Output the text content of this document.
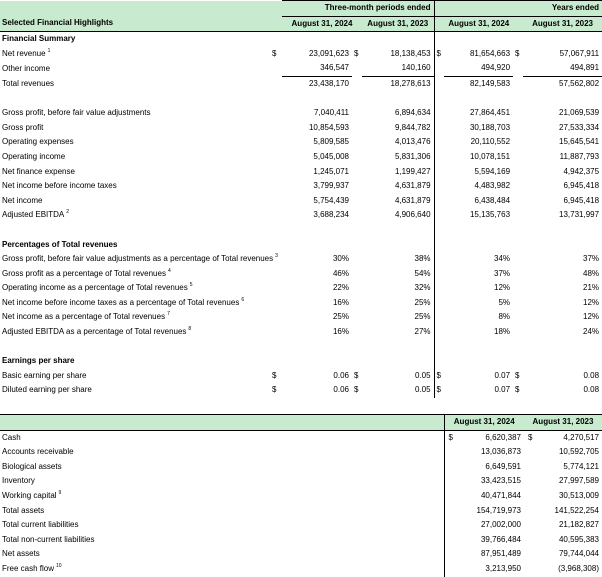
		Three-month periods ended			Years ended			
Selected Financial Highlights		August 31, 2024		August 31, 2023	August 31, 2024			August 31, 2023
Financial Summary								
Net revenue $^1$	$	23,091,623	$	18,138,453	$	81,654,663	$	57,067,911
Other income		346,547		140,160		494,920		494,891
Total revenues		23,438,170		18,278,613		82,149,583		57,562,802

Gross profit, before fair value adjustments		7,040,411		6,894,634		27,864,451		21,069,539
Gross profit		10,854,593		9,844,782		30,188,703		27,533,334
Operating expenses		5,809,585		4,013,476		20,110,552		15,645,541
Operating income		5,045,008		5,831,306		10,078,151		11,887,793
Net finance expense		1,245,071		1,199,427		5,594,169		4,942,375
Net income before income taxes		3,799,937		4,631,879		4,483,982		6,945,418
Net income		5,754,439		4,631,879		6,438,484		6,945,418
Adjusted EBITDA $^2$		3,688,234		4,906,640		15,135,763		13,731,997

Percentages of Total revenues								
Gross profit, before fair value adjustments as a percentage of Total revenues $^3$		30%		38%		34%		37%
Gross profit as a percentage of Total revenues $^4$		46%		54%		37%		48%
Operating income as a percentage of Total revenues $^5$		22%		32%		12%		21%
Net income before income taxes as a percentage of Total revenues $^6$		16%		25%		5%		12%
Net income as a percentage of Total revenues $^7$		25%		25%		8%		12%
Adjusted EBITDA as a percentage of Total revenues $^8$		16%		27%		18%		24%

Earnings per share								
Basic earning per share	$	0.06	$	0.05	$	0.07	$	0.08
Diluted earning per share	$	0.06	$	0.05	$	0.07	$	0.08
	August 31, 2024	August 31, 2023
Cash	$ 6,620,387	$ 4,270,517
Accounts receivable	13,036,873	10,592,705
Biological assets	6,649,591	5,774,121
Inventory	33,423,515	27,997,589
Working capital $^9$	40,471,844	30,513,009
Total assets	154,719,973	141,522,254
Total current liabilities	27,002,000	21,182,827
Total non-current liabilities	39,766,484	40,595,383
Net assets	87,951,489	79,744,044
Free cash flow $^{10}$	3,213,950	(3,968,308)
